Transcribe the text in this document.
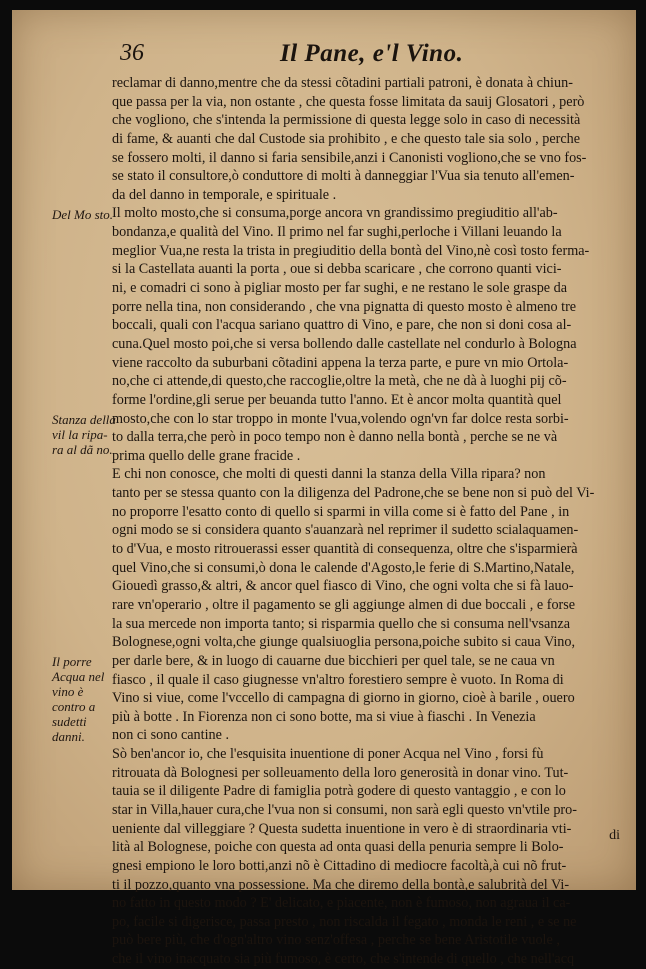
36	Il Pane, e'l Vino.
Del Mo sto.
Stanza della vil la ripa- ra al dã no.
Il porre Acqua nel vino è contro a sudetti danni.
reclamar di danno,mentre che da stessi cõtadini partiali patroni, è donata à chiun-
que passa per la via, non ostante , che questa fosse limitata da sauij Glosatori , però
che vogliono, che s'intenda la permissione di questa legge solo in caso di necessità
di fame, & auanti che dal Custode sia prohibito , e che questo tale sia solo , perche
se fossero molti, il danno si faria sensibile,anzi i Canonisti vogliono,che se vno fos-
se stato il consultore,ò conduttore di molti à danneggiar l'Vua sia tenuto all'emen-
da del danno in temporale, e spirituale .
Il molto mosto,che si consuma,porge ancora vn grandissimo pregiuditio all'ab-
bondanza,e qualità del Vino. Il primo nel far sughi,perloche i Villani leuando la
meglior Vua,ne resta la trista in pregiuditio della bontà del Vino,nè così tosto ferma-
si la Castellata auanti la porta , oue si debba scaricare , che corrono quanti vici-
ni, e comadri ci sono à pigliar mosto per far sughi, e ne restano le sole graspe da
porre nella tina, non considerando , che vna pignatta di questo mosto è almeno tre
boccali, quali con l'acqua sariano quattro di Vino, e pare, che non si doni cosa al-
cuna.Quel mosto poi,che si versa bollendo dalle castellate nel condurlo à Bologna
viene raccolto da suburbani cõtadini appena la terza parte, e pure vn mio Ortola-
no,che ci attende,di questo,che raccoglie,oltre la metà, che ne dà à luoghi pij cõ-
forme l'ordine,gli serue per beuanda tutto l'anno. Et è ancor molta quantità quel
mosto,che con lo star troppo in monte l'vua,volendo ogn'vn far dolce resta sorbi-
to dalla terra,che però in poco tempo non è danno nella bontà , perche se ne và
prima quello delle grane fracide .
E chi non conosce, che molti di questi danni la stanza della Villa ripara? non
tanto per se stessa quanto con la diligenza del Padrone,che se bene non si può del Vi-
no proporre l'esatto conto di quello si sparmi in villa come si è fatto del Pane , in
ogni modo se si considera quanto s'auanzarà nel reprimer il sudetto scialaquamen-
to d'Vua, e mosto ritrouerassi esser quantità di consequenza, oltre che s'isparmierà
quel Vino,che si consumi,ò dona le calende d'Agosto,le ferie di S.Martino,Natale,
Giouedì grasso,& altri, & ancor quel fiasco di Vino, che ogni volta che si fà lauo-
rare vn'operario , oltre il pagamento se gli aggiunge almen di due boccali , e forse
la sua mercede non importa tanto; si risparmia quello che si consuma nell'vsanza
Bolognese,ogni volta,che giunge qualsiuoglia persona,poiche subito si caua Vino,
per darle bere, & in luogo di cauarne due bicchieri per quel tale, se ne caua vn
fiasco , il quale il caso giugnesse vn'altro forestiero sempre è vuoto. In Roma di
Vino si viue, come l'vccello di campagna di giorno in giorno, cioè à barile , ouero
più à botte . In Fiorenza non ci sono botte, ma si viue à fiaschi . In Venezia
non ci sono cantine .
Sò ben'ancor io, che l'esquisita inuentione di poner Acqua nel Vino , forsi fù
ritrouata dà Bolognesi per solleuamento della loro generosità in donar vino. Tut-
tauia se il diligente Padre di famiglia potrà godere di questo vantaggio , e con lo
star in Villa,hauer cura,che l'vua non si consumi, non sarà egli questo vn'vtile pro-
ueniente dal villeggiare ? Questa sudetta inuentione in vero è di straordinaria vti-
lità al Bolognese, poiche con questa ad onta quasi della penuria sempre li Bolo-
gnesi empiono le loro botti,anzi nõ è Cittadino di mediocre facoltà,à cui nõ frut-
ti il pozzo,quanto vna possessione. Ma che diremo della bontà,e salubrità del Vi-
no fatto in questo modo ? E' delicato, e piacente, non è fumoso, non agraua il ca-
po, facile si digerisce, passa presto , non riscalda il fegato , monda le reni , e se ne
può bere più, che d'ogn'altro vino senz'offesa , perche se bene Aristotile vuole ,
che il vino inacquato sia più fumoso, è certo, che s'intende di quello , che nell'acq
di
